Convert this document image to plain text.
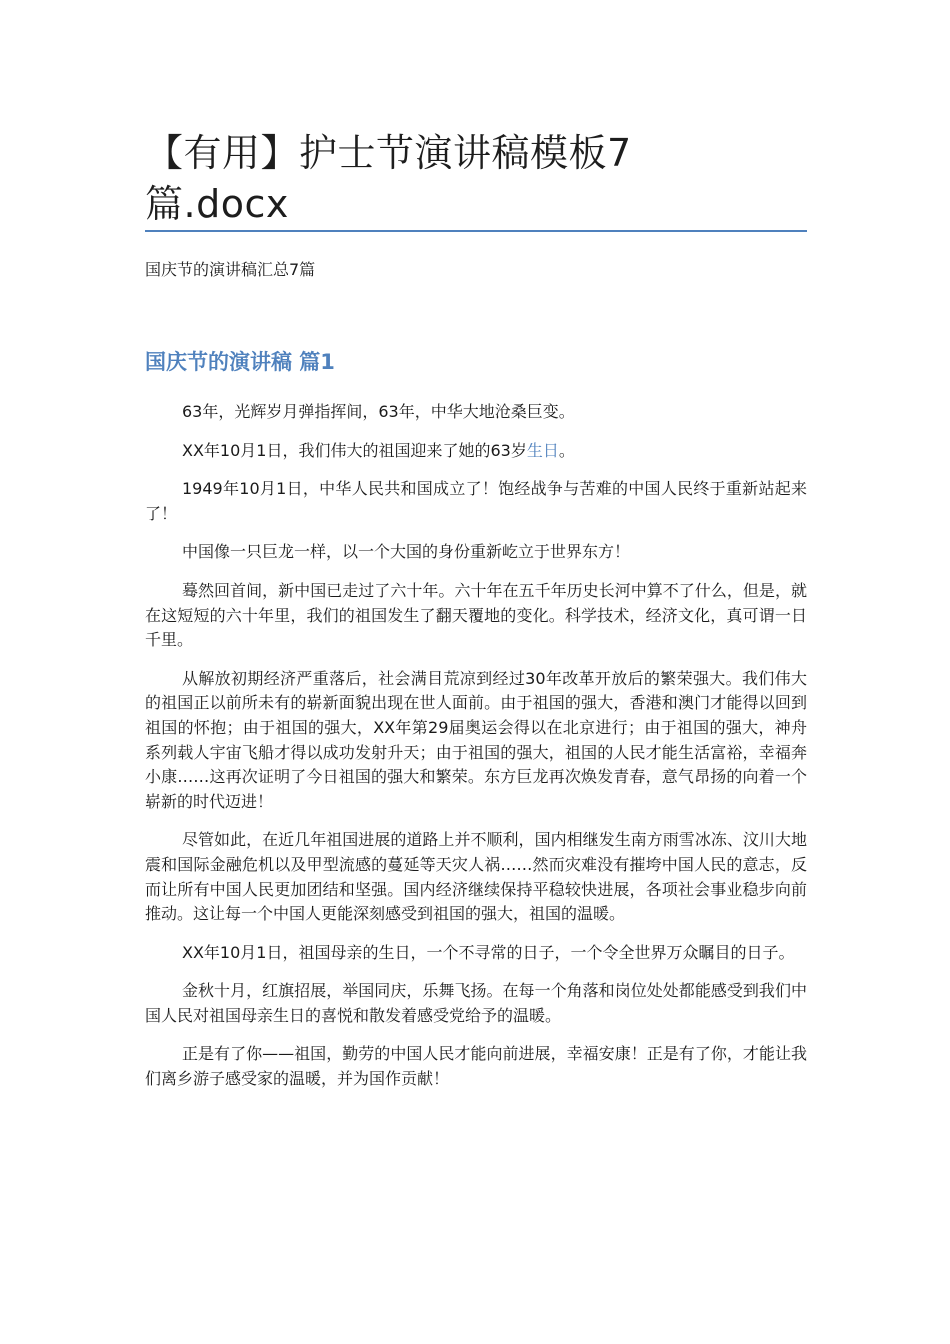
【有用】护士节演讲稿模板7篇.docx

国庆节的演讲稿汇总7篇

国庆节的演讲稿 篇1

63年，光辉岁月弹指挥间，63年，中华大地沧桑巨变。

XX年10月1日，我们伟大的祖国迎来了她的63岁生日。

1949年10月1日，中华人民共和国成立了！饱经战争与苦难的中国人民终于重新站起来了！

中国像一只巨龙一样，以一个大国的身份重新屹立于世界东方！

蓦然回首间，新中国已走过了六十年。六十年在五千年历史长河中算不了什么，但是，就在这短短的六十年里，我们的祖国发生了翻天覆地的变化。科学技术，经济文化，真可谓一日千里。

从解放初期经济严重落后，社会满目荒凉到经过30年改革开放后的繁荣强大。我们伟大的祖国正以前所未有的崭新面貌出现在世人面前。由于祖国的强大，香港和澳门才能得以回到祖国的怀抱；由于祖国的强大，XX年第29届奥运会得以在北京进行；由于祖国的强大，神舟系列载人宇宙飞船才得以成功发射升天；由于祖国的强大，祖国的人民才能生活富裕，幸福奔小康……这再次证明了今日祖国的强大和繁荣。东方巨龙再次焕发青春，意气昂扬的向着一个崭新的时代迈进！

尽管如此，在近几年祖国进展的道路上并不顺利，国内相继发生南方雨雪冰冻、汶川大地震和国际金融危机以及甲型流感的蔓延等天灾人祸……然而灾难没有摧垮中国人民的意志，反而让所有中国人民更加团结和坚强。国内经济继续保持平稳较快进展，各项社会事业稳步向前推动。这让每一个中国人更能深刻感受到祖国的强大，祖国的温暖。

XX年10月1日，祖国母亲的生日，一个不寻常的日子，一个令全世界万众瞩目的日子。

金秋十月，红旗招展，举国同庆，乐舞飞扬。在每一个角落和岗位处处都能感受到我们中国人民对祖国母亲生日的喜悦和散发着感受党给予的温暖。

正是有了你——祖国，勤劳的中国人民才能向前进展，幸福安康！正是有了你，才能让我们离乡游子感受家的温暖，并为国作贡献！
